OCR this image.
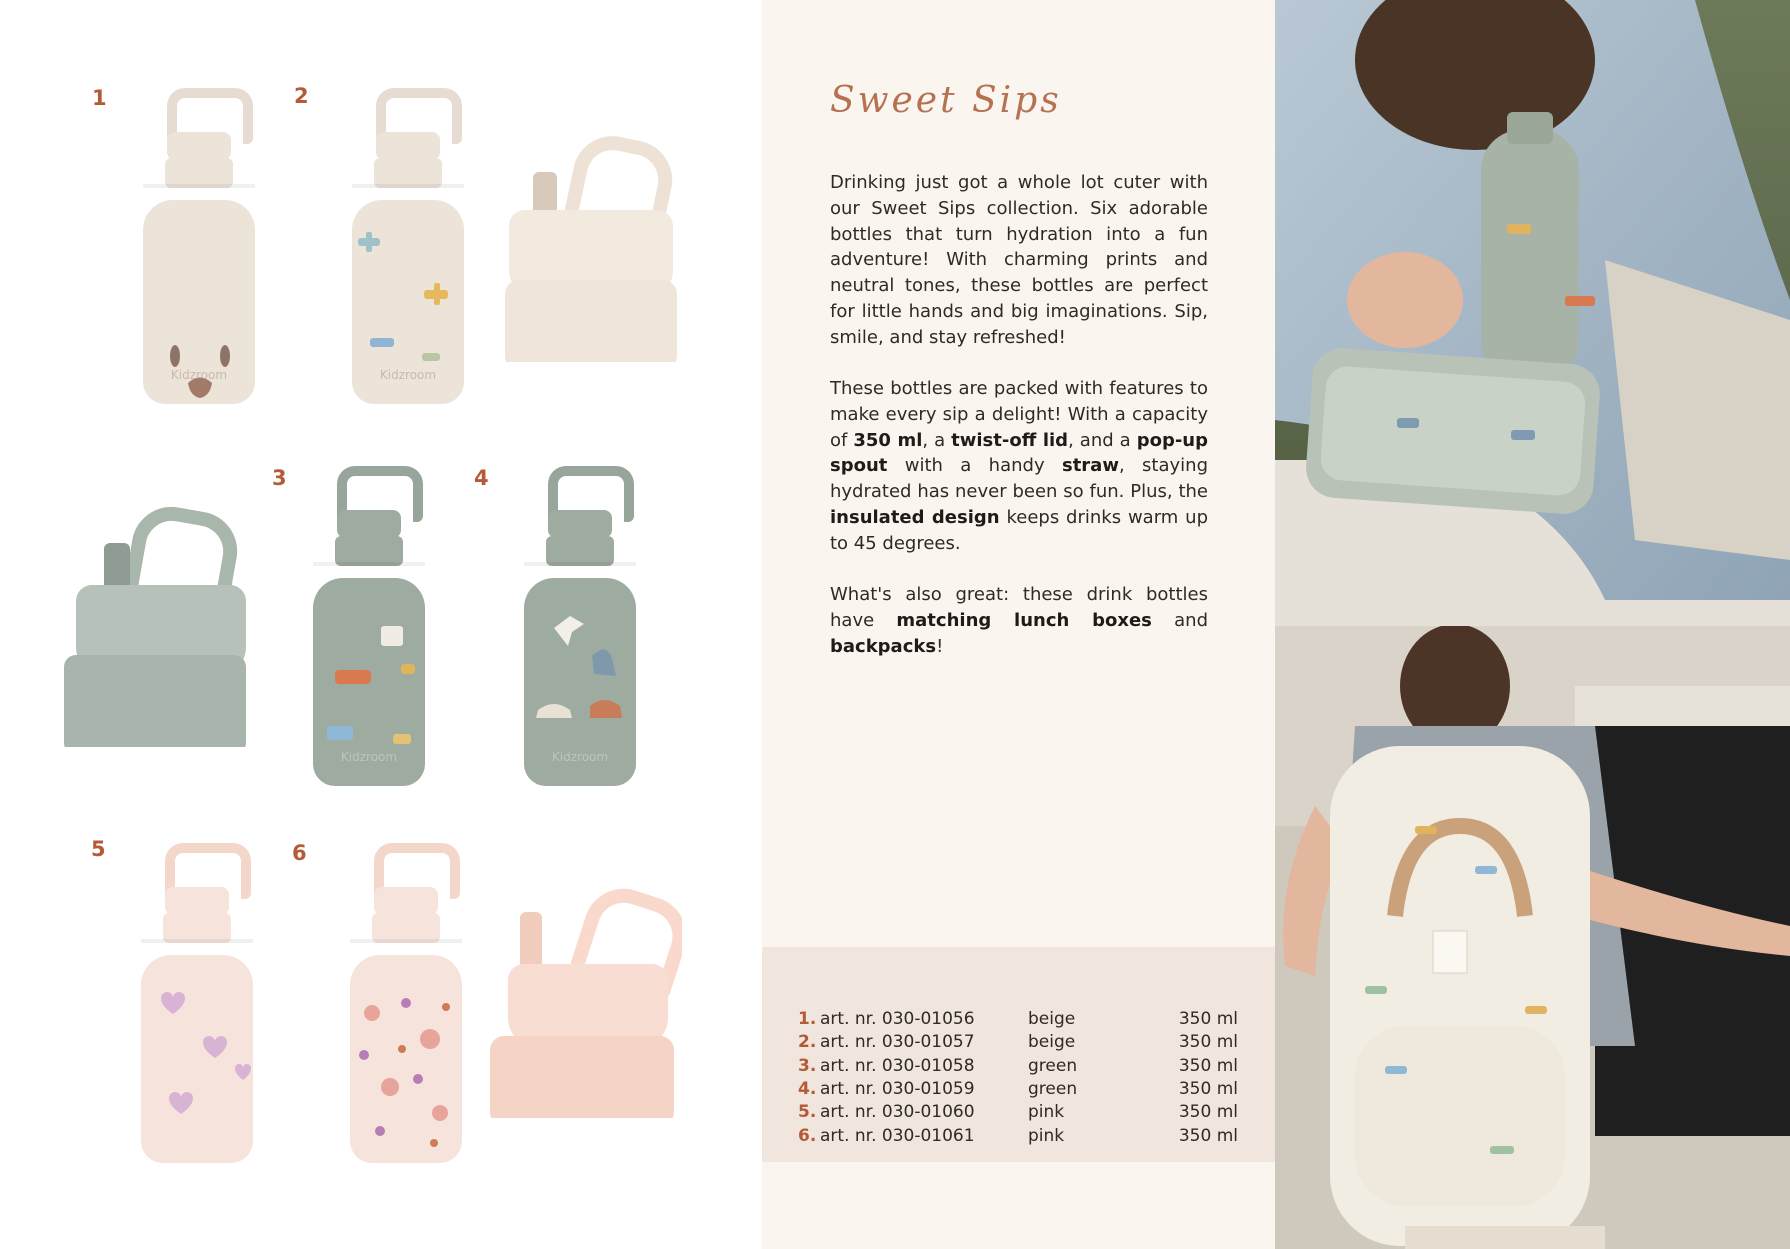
1	2
3	4
5	6
Kidzroom	Kidzroom
Kidzroom	Kidzroom
Sweet Sips
Drinking just got a whole lot cuter with our Sweet Sips collection. Six adorable bottles that turn hydration into a fun adventure! With charming prints and neutral tones, these bottles are perfect for little hands and big imaginations. Sip, smile, and stay refreshed!
These bottles are packed with features to make every sip a delight! With a capacity of 350 ml, a twist-off lid, and a pop-up spout with a handy straw, staying hydrated has never been so fun. Plus, the insulated design keeps drinks warm up to 45 degrees.
What's also great: these drink bottles have matching lunch boxes and backpacks!
1. art. nr. 030-01056	beige	350 ml
2. art. nr. 030-01057	beige	350 ml
3. art. nr. 030-01058	green	350 ml
4. art. nr. 030-01059	green	350 ml
5. art. nr. 030-01060	pink	350 ml
6. art. nr. 030-01061	pink	350 ml
